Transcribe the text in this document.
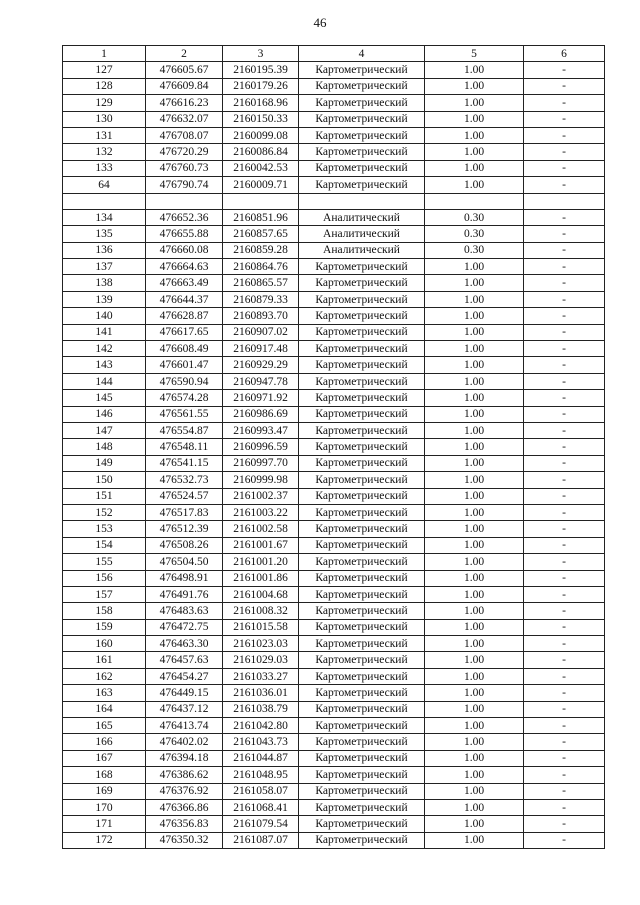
46
1	2	3	4	5	6
127	476605.67	2160195.39	Картометрический	1.00	-
128	476609.84	2160179.26	Картометрический	1.00	-
129	476616.23	2160168.96	Картометрический	1.00	-
130	476632.07	2160150.33	Картометрический	1.00	-
131	476708.07	2160099.08	Картометрический	1.00	-
132	476720.29	2160086.84	Картометрический	1.00	-
133	476760.73	2160042.53	Картометрический	1.00	-
64	476790.74	2160009.71	Картометрический	1.00	-

134	476652.36	2160851.96	Аналитический	0.30	-
135	476655.88	2160857.65	Аналитический	0.30	-
136	476660.08	2160859.28	Аналитический	0.30	-
137	476664.63	2160864.76	Картометрический	1.00	-
138	476663.49	2160865.57	Картометрический	1.00	-
139	476644.37	2160879.33	Картометрический	1.00	-
140	476628.87	2160893.70	Картометрический	1.00	-
141	476617.65	2160907.02	Картометрический	1.00	-
142	476608.49	2160917.48	Картометрический	1.00	-
143	476601.47	2160929.29	Картометрический	1.00	-
144	476590.94	2160947.78	Картометрический	1.00	-
145	476574.28	2160971.92	Картометрический	1.00	-
146	476561.55	2160986.69	Картометрический	1.00	-
147	476554.87	2160993.47	Картометрический	1.00	-
148	476548.11	2160996.59	Картометрический	1.00	-
149	476541.15	2160997.70	Картометрический	1.00	-
150	476532.73	2160999.98	Картометрический	1.00	-
151	476524.57	2161002.37	Картометрический	1.00	-
152	476517.83	2161003.22	Картометрический	1.00	-
153	476512.39	2161002.58	Картометрический	1.00	-
154	476508.26	2161001.67	Картометрический	1.00	-
155	476504.50	2161001.20	Картометрический	1.00	-
156	476498.91	2161001.86	Картометрический	1.00	-
157	476491.76	2161004.68	Картометрический	1.00	-
158	476483.63	2161008.32	Картометрический	1.00	-
159	476472.75	2161015.58	Картометрический	1.00	-
160	476463.30	2161023.03	Картометрический	1.00	-
161	476457.63	2161029.03	Картометрический	1.00	-
162	476454.27	2161033.27	Картометрический	1.00	-
163	476449.15	2161036.01	Картометрический	1.00	-
164	476437.12	2161038.79	Картометрический	1.00	-
165	476413.74	2161042.80	Картометрический	1.00	-
166	476402.02	2161043.73	Картометрический	1.00	-
167	476394.18	2161044.87	Картометрический	1.00	-
168	476386.62	2161048.95	Картометрический	1.00	-
169	476376.92	2161058.07	Картометрический	1.00	-
170	476366.86	2161068.41	Картометрический	1.00	-
171	476356.83	2161079.54	Картометрический	1.00	-
172	476350.32	2161087.07	Картометрический	1.00	-
